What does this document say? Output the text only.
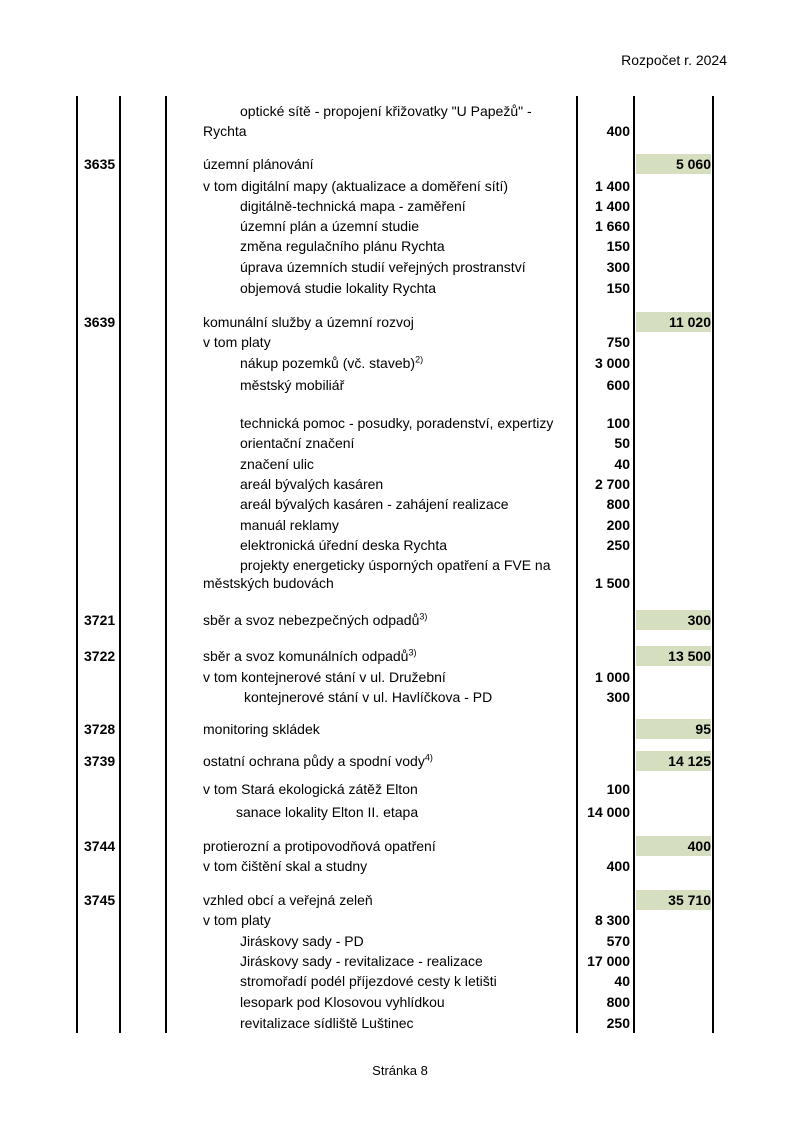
Rozpočet r. 2024
optické sítě - propojení křižovatky "U Papežů" -
Rychta	400
3635	územní plánování	5 060
v tom digitální mapy (aktualizace a doměření sítí)	1 400
digitálně-technická mapa - zaměření	1 400
územní plán a územní studie	1 660
změna regulačního plánu Rychta	150
úprava územních studií veřejných prostranství	300
objemová studie lokality Rychta	150
3639	komunální služby a územní rozvoj	11 020
v tom platy	750
nákup pozemků (vč. staveb)$^{2)}$	3 000
městský mobiliář	600
technická pomoc - posudky, poradenství, expertizy	100
orientační značení	50
značení ulic	40
areál bývalých kasáren	2 700
areál bývalých kasáren - zahájení realizace	800
manuál reklamy	200
elektronická úřední deska Rychta	250
projekty energeticky úsporných opatření a FVE na
městských budovách	1 500
3721	sběr a svoz nebezpečných odpadů$^{3)}$	300
3722	sběr a svoz komunálních odpadů$^{3)}$	13 500
v tom kontejnerové stání v ul. Družební	1 000
kontejnerové stání v ul. Havlíčkova - PD	300
3728	monitoring skládek	95
3739	ostatní ochrana půdy a spodní vody$^{4)}$	14 125
v tom Stará ekologická zátěž Elton	100
sanace lokality Elton II. etapa	14 000
3744	protierozní a protipovodňová opatření	400
v tom čištění skal a studny	400
3745	vzhled obcí a veřejná zeleň	35 710
v tom platy	8 300
Jiráskovy sady - PD	570
Jiráskovy sady - revitalizace - realizace	17 000
stromořadí podél příjezdové cesty k letišti	40
lesopark pod Klosovou vyhlídkou	800
revitalizace sídliště Luštinec	250
Stránka 8
